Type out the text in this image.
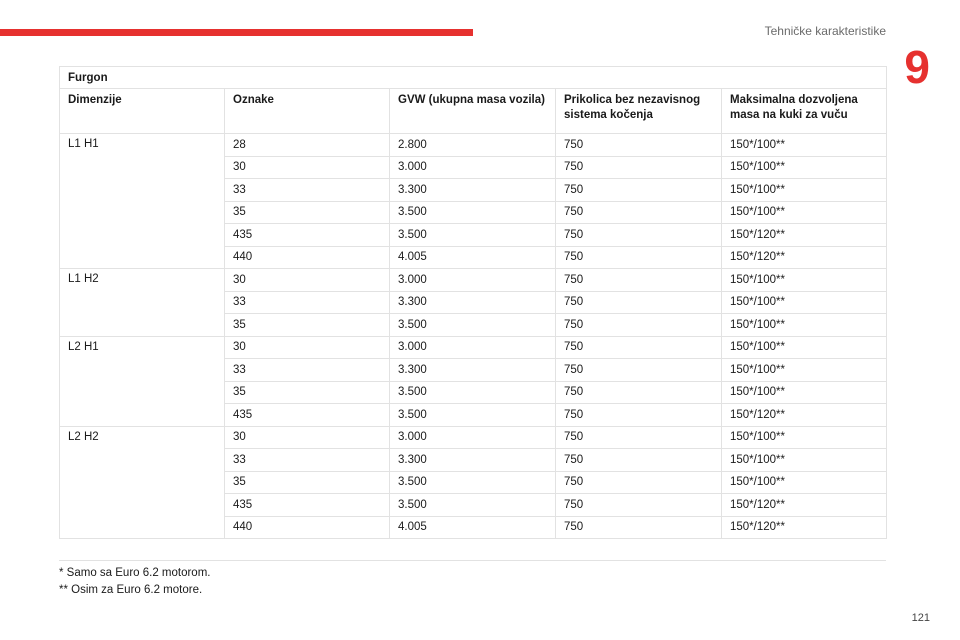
Tehničke karakteristike
9
Furgon				
Dimenzije	Oznake	GVW (ukupna masa vozila)	Prikolica bez nezavisnog sistema kočenja	Maksimalna dozvoljena masa na kuki za vuču
L1 H1	28	2.800	750	150*/100**
	30	3.000	750	150*/100**
	33	3.300	750	150*/100**
	35	3.500	750	150*/100**
	435	3.500	750	150*/120**
	440	4.005	750	150*/120**
L1 H2	30	3.000	750	150*/100**
	33	3.300	750	150*/100**
	35	3.500	750	150*/100**
L2 H1	30	3.000	750	150*/100**
	33	3.300	750	150*/100**
	35	3.500	750	150*/100**
	435	3.500	750	150*/120**
L2 H2	30	3.000	750	150*/100**
	33	3.300	750	150*/100**
	35	3.500	750	150*/100**
	435	3.500	750	150*/120**
	440	4.005	750	150*/120**
* Samo sa Euro 6.2 motorom.
** Osim za Euro 6.2 motore.
121
